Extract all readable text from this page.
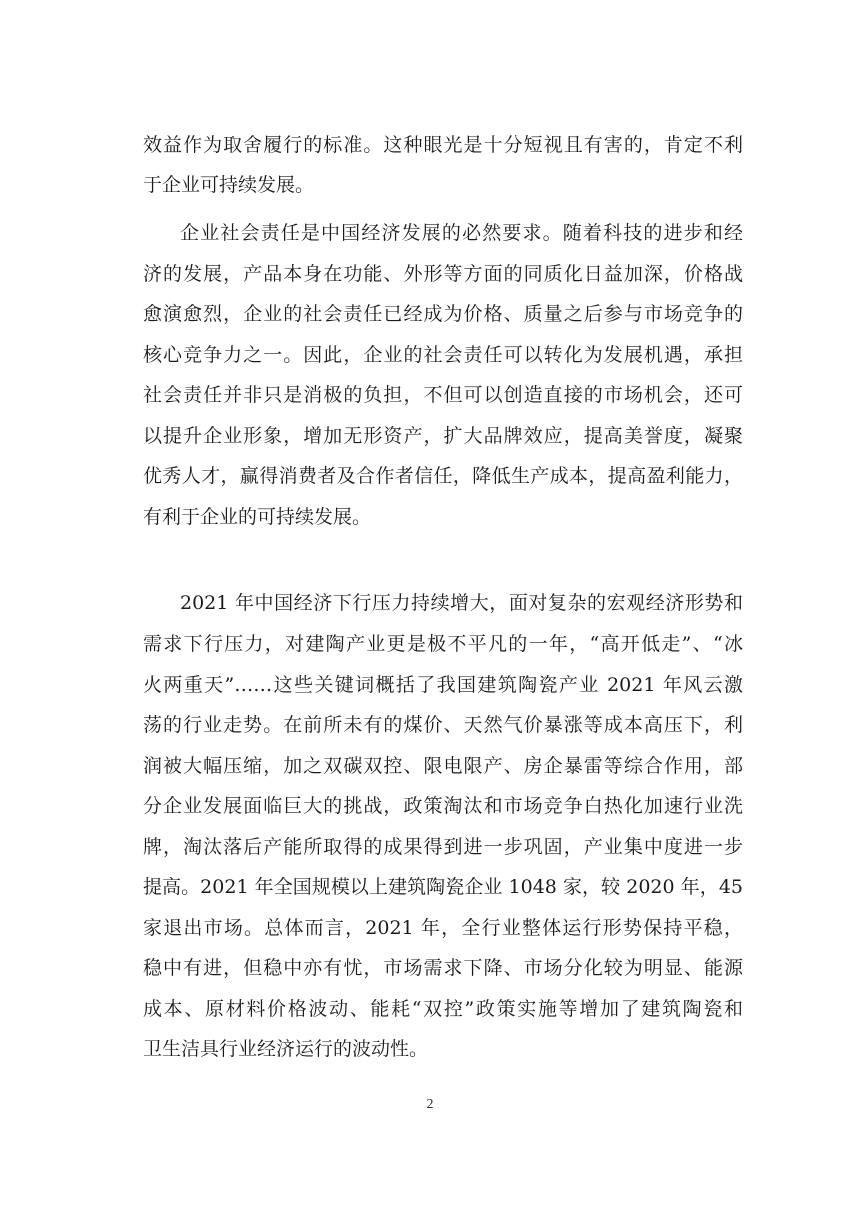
效益作为取舍履行的标准。这种眼光是十分短视且有害的，肯定不利
于企业可持续发展。
企业社会责任是中国经济发展的必然要求。随着科技的进步和经
济的发展，产品本身在功能、外形等方面的同质化日益加深，价格战
愈演愈烈，企业的社会责任已经成为价格、质量之后参与市场竞争的
核心竞争力之一。因此，企业的社会责任可以转化为发展机遇，承担
社会责任并非只是消极的负担，不但可以创造直接的市场机会，还可
以提升企业形象，增加无形资产，扩大品牌效应，提高美誉度，凝聚
优秀人才，赢得消费者及合作者信任，降低生产成本，提高盈利能力，
有利于企业的可持续发展。
2021 年中国经济下行压力持续增大，面对复杂的宏观经济形势和
需求下行压力，对建陶产业更是极不平凡的一年，“高开低走”、“冰
火两重天”……这些关键词概括了我国建筑陶瓷产业 2021 年风云激
荡的行业走势。在前所未有的煤价、天然气价暴涨等成本高压下，利
润被大幅压缩，加之双碳双控、限电限产、房企暴雷等综合作用，部
分企业发展面临巨大的挑战，政策淘汰和市场竞争白热化加速行业洗
牌，淘汰落后产能所取得的成果得到进一步巩固，产业集中度进一步
提高。2021 年全国规模以上建筑陶瓷企业 1048 家，较 2020 年，45
家退出市场。总体而言，2021 年，全行业整体运行形势保持平稳，
稳中有进，但稳中亦有忧，市场需求下降、市场分化较为明显、能源
成本、原材料价格波动、能耗“双控”政策实施等增加了建筑陶瓷和
卫生洁具行业经济运行的波动性。
2
